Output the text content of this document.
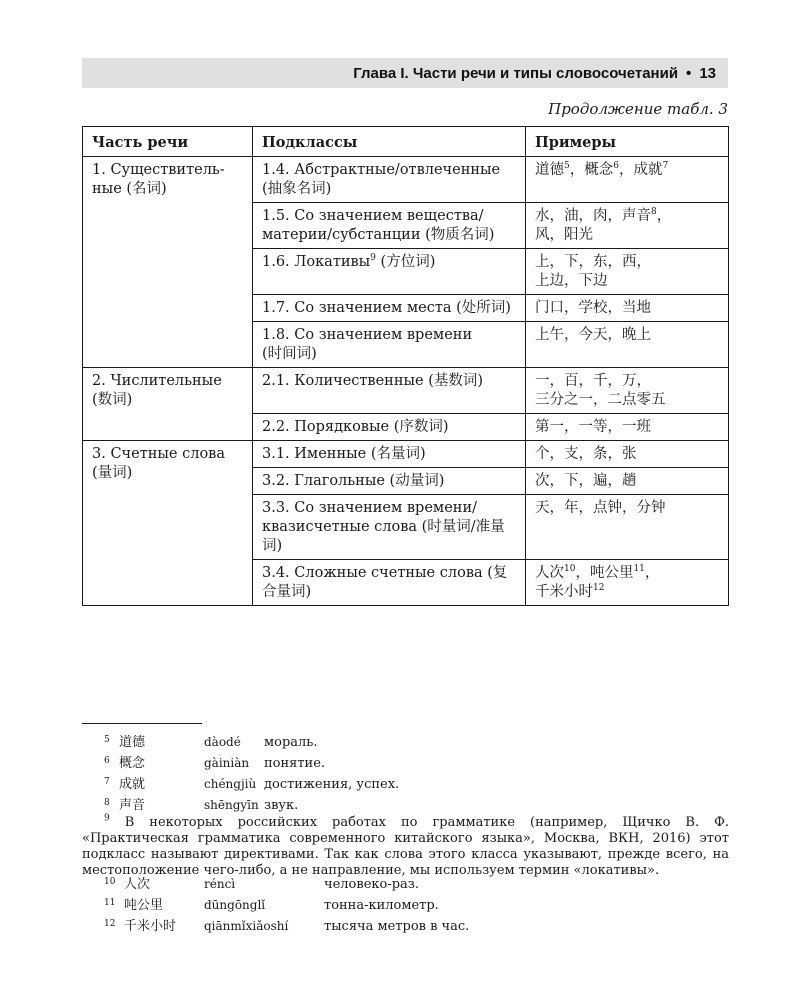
Глава I. Части речи и типы словосочетаний • 13
Продолжение табл. 3
Часть речи	Подклассы	Примеры
1. Существитель-
ные (名词)	1.4. Абстрактные/отвлеченные (抽象名词)	道德$^5$，概念$^6$，成就$^7$
	1.5. Со значением вещества/ материи/субстанции (物质名词)	水，油，肉，声音$^8$，
风，阳光
	1.6. Локативы$^9$ (方位词)	上，下，东，西，
上边，下边
	1.7. Со значением места (处所词)	门口，学校，当地
	1.8. Со значением времени
(时间词)	上午，今天，晚上
2. Числительные (数词)	2.1. Количественные (基数词)	一，百，千，万，
三分之一，二点零五
	2.2. Порядковые (序数词)	第一，一等，一班
3. Счетные слова (量词)	3.1. Именные (名量词)	个，支，条，张
	3.2. Глагольные (动量词)	次，下，遍，趟
	3.3. Со значением времени/ квазисчетные слова (时量词/准量词)	天，年，点钟，分钟
	3.4. Сложные счетные слова (复合量词)	人次$^{10}$，吨公里$^{11}$，
千米小时$^{12}$
5 道德	dàodé мораль.
6 概念	gàiniàn понятие.
7 成就	chéngjiù достижения, успех.
8 声音	shēngyīn звук.
$^9$ В некоторых российских работах по грамматике (например, Щичко В. Ф. «Практическая грамматика современного китайского языка», Москва, ВКН, 2016) этот подкласс называют директивами. Так как слова этого класса указывают, прежде всего, на местоположение чего-либо, а не направление, мы используем термин «локативы».
10 人次	réncì	человеко-раз.
11 吨公里	dūngōnglǐ	тонна-километр.
12 千米小时 qiānmǐxiǎoshí	тысяча метров в час.
